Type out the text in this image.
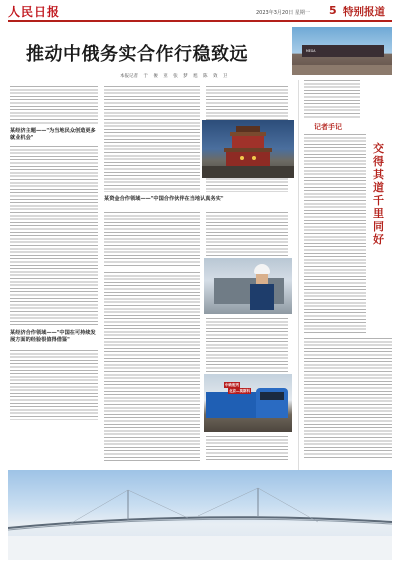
人民日报	2023年3月20日 星期一 5 特别报道
推动中俄务实合作行稳致远
本报记者 于 俊 亚 张 梦 旭 陈 效 卫
MEGA
某经济主题——"为当地民众创造更多就业机会"
某经济合作领域——"中国在可持续发展方面的经验很值得借鉴"
某资金合作领域——"中国合作伙伴在当地认真务实"
中欧班列
北京—莫斯科
记者手记
交得其道 千里同好
